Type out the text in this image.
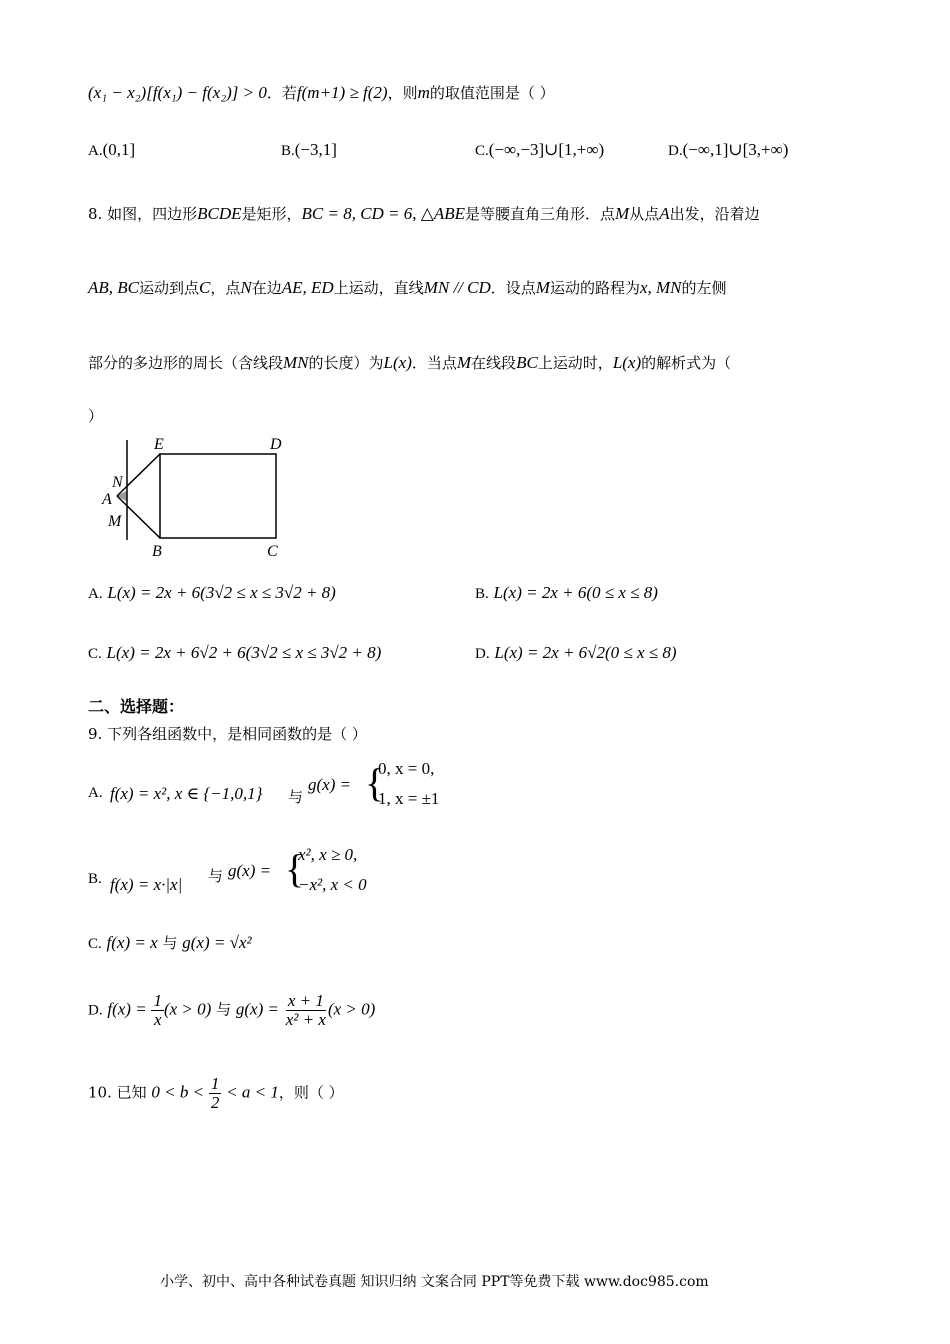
(x₁ − x₂)[f(x₁) − f(x₂)] > 0．若f(m+1) ≥ f(2)，则m的取值范围是（ ）
A.(0,1]	B.(−3,1]	C.(−∞,−3]∪[1,+∞)	D.(−∞,1]∪[3,+∞)
8. 如图，四边形BCDE是矩形，BC = 8, CD = 6, △ABE是等腰直角三角形．点M从点A出发，沿着边
AB, BC运动到点C，点N在边AE, ED上运动，直线MN // CD．设点M运动的路程为x, MN的左侧
部分的多边形的周长（含线段MN的长度）为L(x)．当点M在线段BC上运动时，L(x)的解析式为（
）
E	D
N
A
M
B	C
A. L(x) = 2x + 6(3√2 ≤ x ≤ 3√2 + 8)	B. L(x) = 2x + 6(0 ≤ x ≤ 8)
C. L(x) = 2x + 6√2 + 6(3√2 ≤ x ≤ 3√2 + 8)	D. L(x) = 2x + 6√2(0 ≤ x ≤ 8)
二、选择题：
9. 下列各组函数中，是相同函数的是（ ）
A. f(x) = x², x ∈ {−1,0,1} 与
g(x) = {
0, x = 0,
1, x = ±1
B. f(x) = x·|x| 与 g(x) = {
x², x ≥ 0,
−x², x < 0
C. f(x) = x 与 g(x) = √x²
D. $f(x) = \frac{1}{x} (x > 0)$ 与 $g(x) = \frac{x + 1}{\text{x² + x}} (x > 0)$
10. 已知 $0 < b < \frac{1}{2} < a < 1$，则（ ）
小学、初中、高中各种试卷真题 知识归纳 文案合同 PPT等免费下载 www.doc985.com
